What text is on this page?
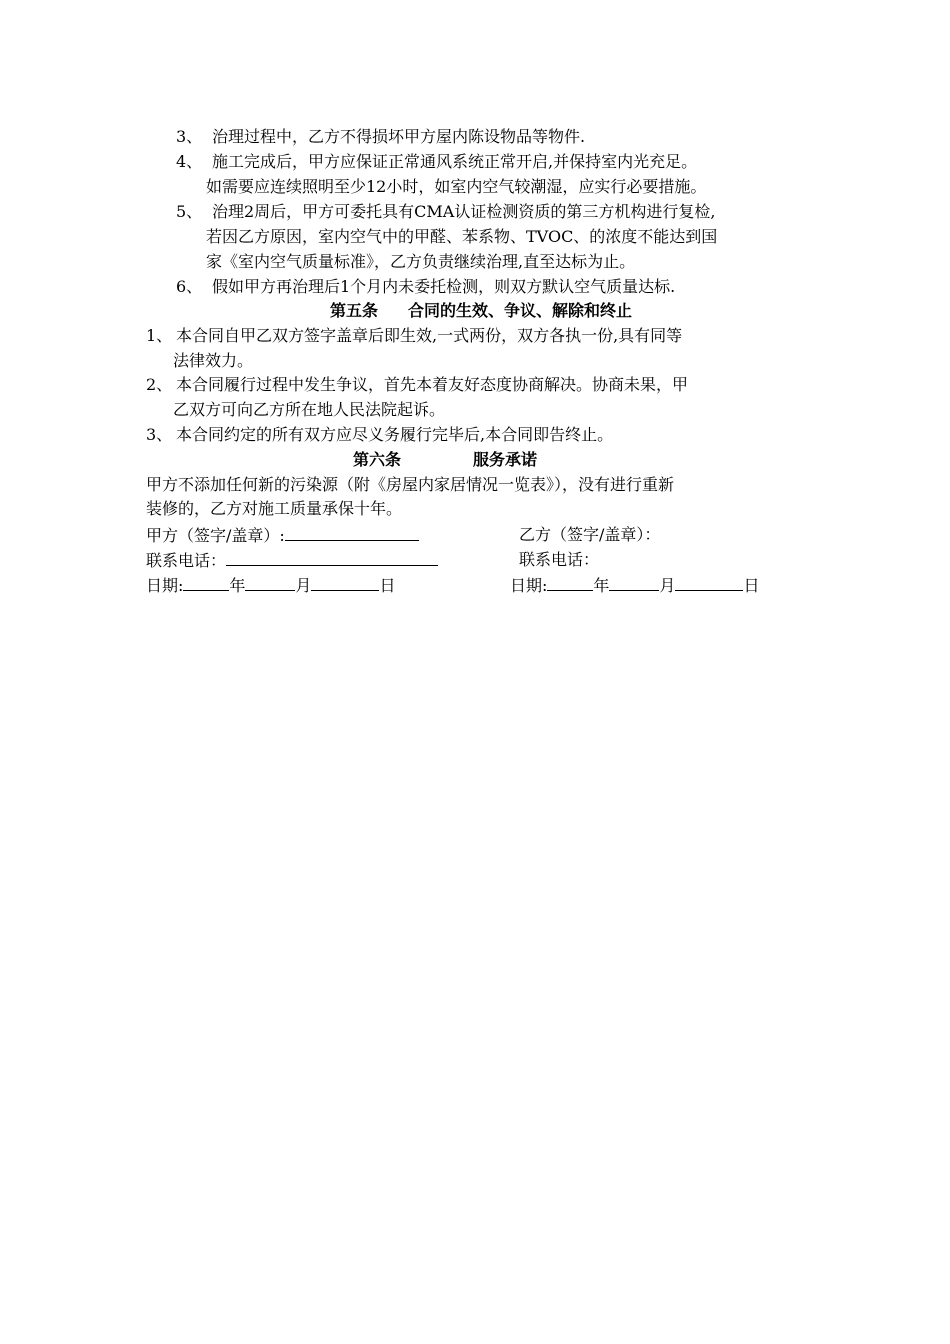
3、 治理过程中，乙方不得损坏甲方屋内陈设物品等物件.
4、 施工完成后，甲方应保证正常通风系统正常开启,并保持室内光充足。
如需要应连续照明至少12小时，如室内空气较潮湿，应实行必要措施。
5、 治理2周后，甲方可委托具有CMA认证检测资质的第三方机构进行复检,
若因乙方原因，室内空气中的甲醛、苯系物、TVOC、的浓度不能达到国
家《室内空气质量标准》，乙方负责继续治理,直至达标为止。
6、 假如甲方再治理后1个月内未委托检测，则双方默认空气质量达标.
第五条 合同的生效、争议、解除和终止
1、 本合同自甲乙双方签字盖章后即生效,一式两份，双方各执一份,具有同等
法律效力。
2、 本合同履行过程中发生争议，首先本着友好态度协商解决。协商未果，甲
乙双方可向乙方所在地人民法院起诉。
3、 本合同约定的所有双方应尽义务履行完毕后,本合同即告终止。
第六条	服务承诺
甲方不添加任何新的污染源（附《房屋内家居情况一览表》），没有进行重新
装修的，乙方对施工质量承保十年。
甲方（签字/盖章）:	乙方（签字/盖章）：
联系电话：	联系电话：
日期:	年	月	日	日期:	年	月	日
